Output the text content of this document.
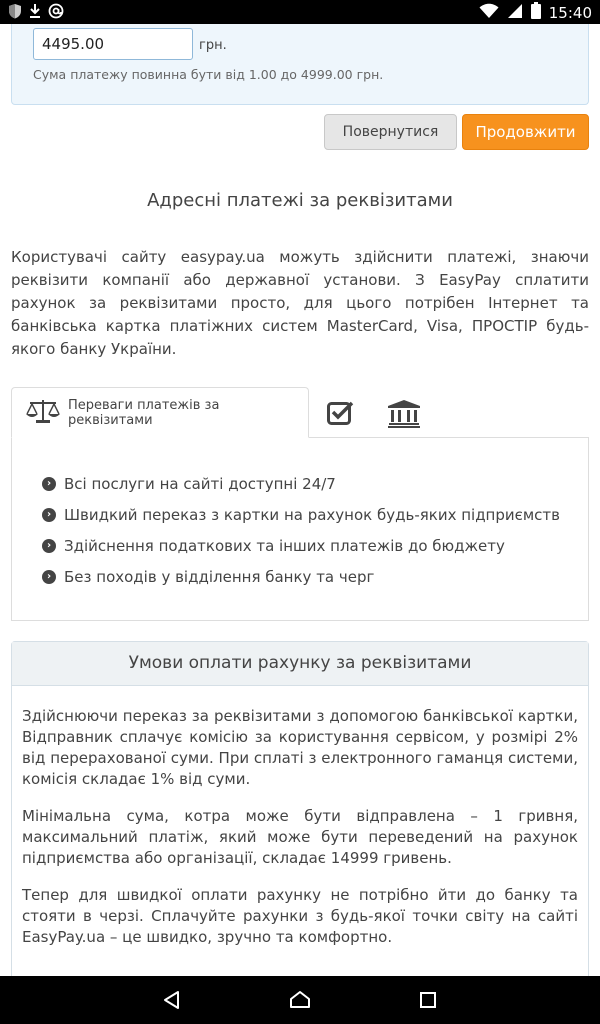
15:40
4495.00
грн.
Сума платежу повинна бути від 1.00 до 4999.00 грн.
Повернутися	Продовжити
Адресні платежі за реквізитами

Користувачі сайту easypay.ua можуть здійснити платежі, знаючи реквізити компанії або державної установи. З EasyPay сплатити рахунок за реквізитами просто, для цього потрібен Інтернет та банківська картка платіжних систем MasterCard, Visa, ПРОСТІР будь-якого банку України.

Переваги платежів за реквізитами
› Всі послуги на сайті доступні 24/7
› Швидкий переказ з картки на рахунок будь-яких підприємств
› Здійснення податкових та інших платежів до бюджету
› Без походів у відділення банку та черг
Умови оплати рахунку за реквізитами

Здійснюючи переказ за реквізитами з допомогою банківської картки, Відправник сплачує комісію за користування сервісом, у розмірі 2% від перерахованої суми. При сплаті з електронного гаманця системи, комісія складає 1% від суми.

Мінімальна сума, котра може бути відправлена – 1 гривня, максимальний платіж, який може бути переведений на рахунок підприємства або організації, складає 14999 гривень.

Тепер для швидкої оплати рахунку не потрібно йти до банку та стояти в черзі. Сплачуйте рахунки з будь-якої точки світу на сайті EasyPay.ua – це швидко, зручно та комфортно.
